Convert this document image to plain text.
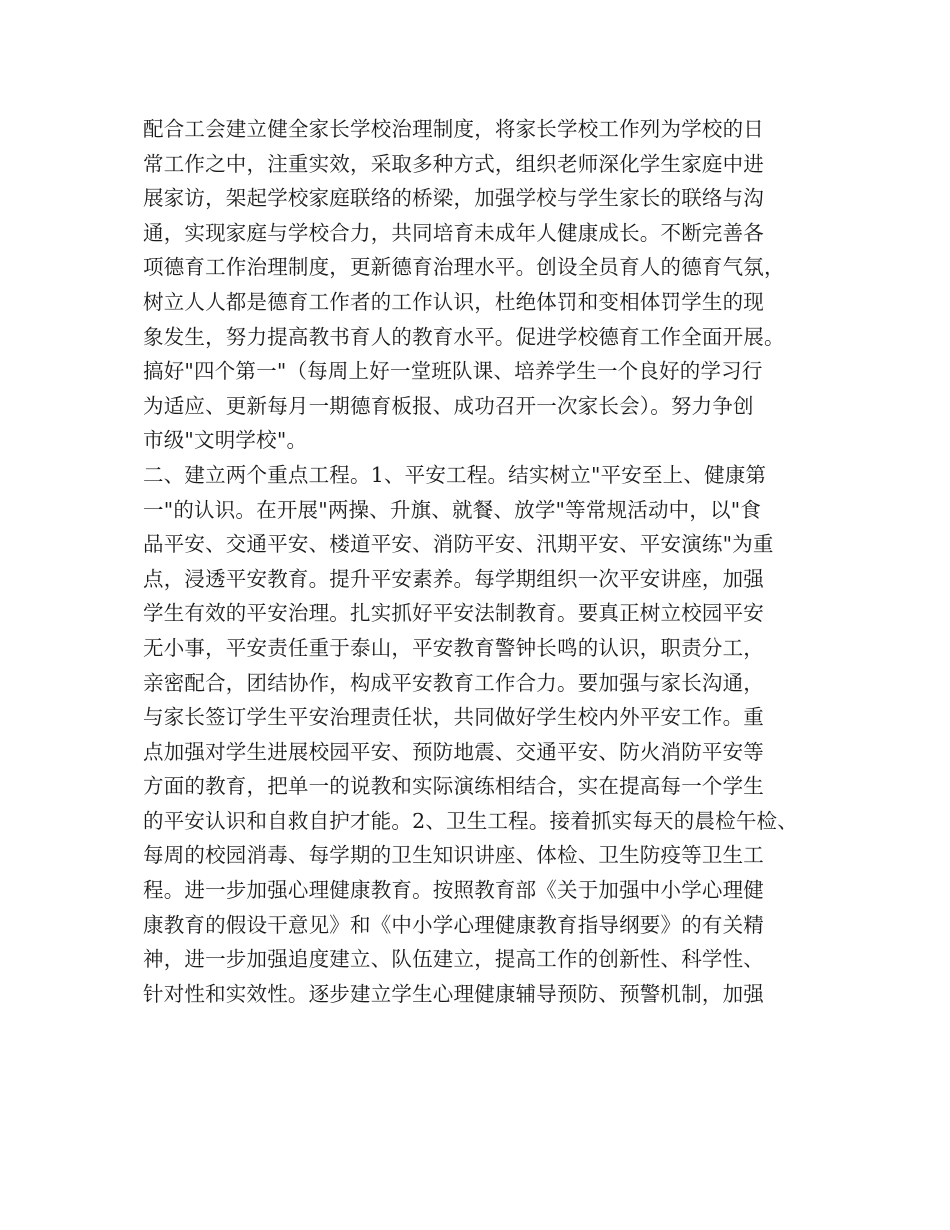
配合工会建立健全家长学校治理制度，将家长学校工作列为学校的日
常工作之中，注重实效，采取多种方式，组织老师深化学生家庭中进
展家访，架起学校家庭联络的桥梁，加强学校与学生家长的联络与沟
通，实现家庭与学校合力，共同培育未成年人健康成长。不断完善各
项德育工作治理制度，更新德育治理水平。创设全员育人的德育气氛，
树立人人都是德育工作者的工作认识，杜绝体罚和变相体罚学生的现
象发生，努力提高教书育人的教育水平。促进学校德育工作全面开展。
搞好"四个第一"（每周上好一堂班队课、培养学生一个良好的学习行
为适应、更新每月一期德育板报、成功召开一次家长会）。努力争创
市级"文明学校"。
二、建立两个重点工程。1、平安工程。结实树立"平安至上、健康第
一"的认识。在开展"两操、升旗、就餐、放学"等常规活动中，以"食
品平安、交通平安、楼道平安、消防平安、汛期平安、平安演练"为重
点，浸透平安教育。提升平安素养。每学期组织一次平安讲座，加强
学生有效的平安治理。扎实抓好平安法制教育。要真正树立校园平安
无小事，平安责任重于泰山，平安教育警钟长鸣的认识，职责分工，
亲密配合，团结协作，构成平安教育工作合力。要加强与家长沟通，
与家长签订学生平安治理责任状，共同做好学生校内外平安工作。重
点加强对学生进展校园平安、预防地震、交通平安、防火消防平安等
方面的教育，把单一的说教和实际演练相结合，实在提高每一个学生
的平安认识和自救自护才能。2、卫生工程。接着抓实每天的晨检午检、
每周的校园消毒、每学期的卫生知识讲座、体检、卫生防疫等卫生工
程。进一步加强心理健康教育。按照教育部《关于加强中小学心理健
康教育的假设干意见》和《中小学心理健康教育指导纲要》的有关精
神，进一步加强追度建立、队伍建立，提高工作的创新性、科学性、
针对性和实效性。逐步建立学生心理健康辅导预防、预警机制，加强
